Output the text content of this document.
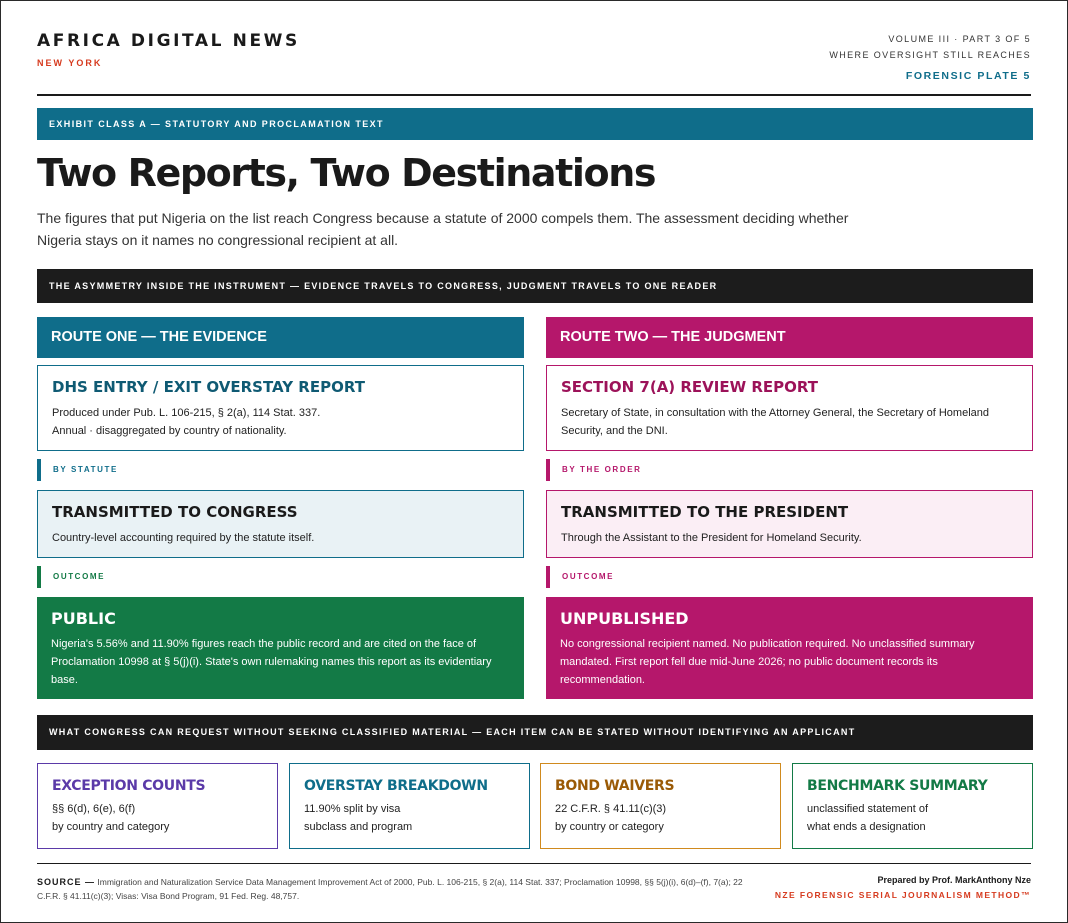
AFRICA DIGITAL NEWS
NEW YORK
VOLUME III · PART 3 OF 5
WHERE OVERSIGHT STILL REACHES
FORENSIC PLATE 5
EXHIBIT CLASS A — STATUTORY AND PROCLAMATION TEXT
Two Reports, Two Destinations

The figures that put Nigeria on the list reach Congress because a statute of 2000 compels them. The assessment deciding whether Nigeria stays on it names no congressional recipient at all.

THE ASYMMETRY INSIDE THE INSTRUMENT — EVIDENCE TRAVELS TO CONGRESS, JUDGMENT TRAVELS TO ONE READER
ROUTE ONE — THE EVIDENCE
DHS ENTRY / EXIT OVERSTAY REPORT
Produced under Pub. L. 106-215, § 2(a), 114 Stat. 337.
Annual · disaggregated by country of nationality.
BY STATUTE
TRANSMITTED TO CONGRESS
Country-level accounting required by the statute itself.
OUTCOME
PUBLIC
Nigeria's 5.56% and 11.90% figures reach the public record and are cited on the face of Proclamation 10998 at § 5(j)(i). State's own rulemaking names this report as its evidentiary base.
ROUTE TWO — THE JUDGMENT
SECTION 7(A) REVIEW REPORT
Secretary of State, in consultation with the Attorney General, the Secretary of Homeland Security, and the DNI.
BY THE ORDER
TRANSMITTED TO THE PRESIDENT
Through the Assistant to the President for Homeland Security.
OUTCOME
UNPUBLISHED
No congressional recipient named. No publication required. No unclassified summary mandated. First report fell due mid-June 2026; no public document records its recommendation.
WHAT CONGRESS CAN REQUEST WITHOUT SEEKING CLASSIFIED MATERIAL — EACH ITEM CAN BE STATED WITHOUT IDENTIFYING AN APPLICANT
EXCEPTION COUNTS
§§ 6(d), 6(e), 6(f)
by country and category
OVERSTAY BREAKDOWN
11.90% split by visa
subclass and program
BOND WAIVERS
22 C.F.R. § 41.11(c)(3)
by country or category
BENCHMARK SUMMARY
unclassified statement of
what ends a designation
SOURCE — Immigration and Naturalization Service Data Management Improvement Act of 2000, Pub. L. 106-215, § 2(a), 114 Stat. 337; Proclamation 10998, §§ 5(j)(i), 6(d)–(f), 7(a); 22 C.F.R. § 41.11(c)(3); Visas: Visa Bond Program, 91 Fed. Reg. 48,757.
Prepared by Prof. MarkAnthony Nze
NZE FORENSIC SERIAL JOURNALISM METHOD™
